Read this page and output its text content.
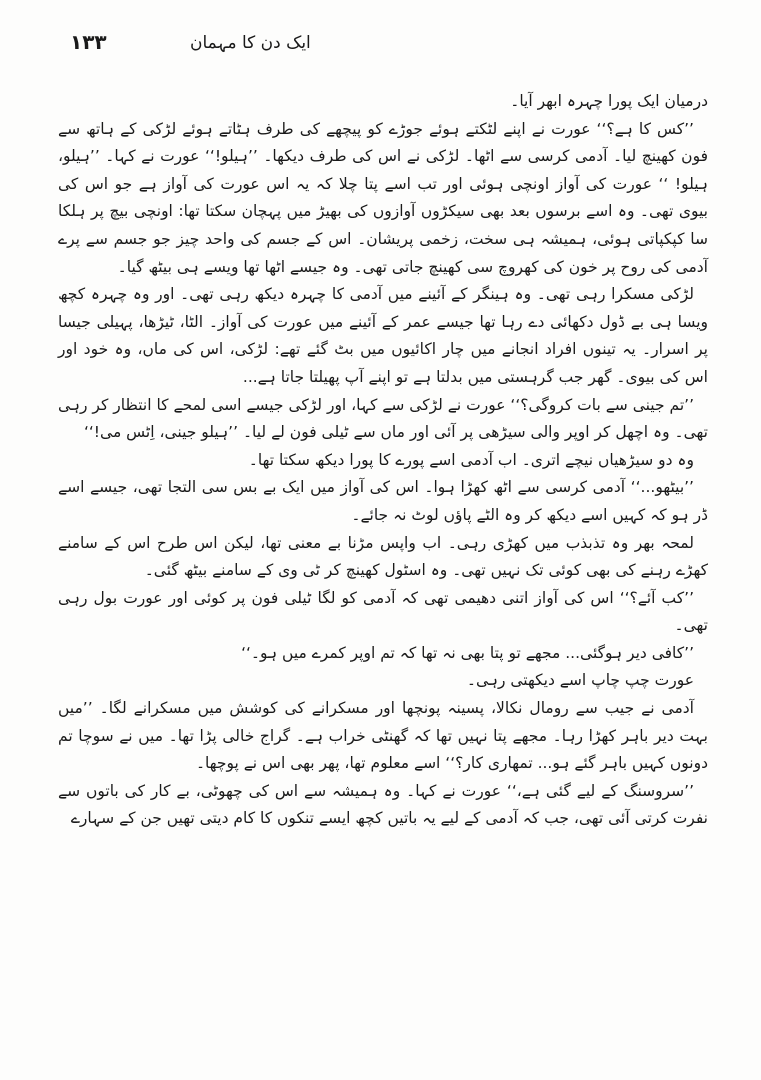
۱۳۳	ایک دن کا مہمان

درمیان ایک پورا چہرہ ابھر آیا۔

’’کس کا ہے؟‘‘ عورت نے اپنے لٹکتے ہوئے جوڑے کو پیچھے کی طرف ہٹاتے ہوئے لڑکی کے ہاتھ سے فون کھینچ لیا۔ آدمی کرسی سے اٹھا۔ لڑکی نے اس کی طرف دیکھا۔ ’’ہیلو!‘‘ عورت نے کہا۔ ’’ہیلو، ہیلو! ‘‘ عورت کی آواز اونچی ہوئی اور تب اسے پتا چلا کہ یہ اس عورت کی آواز ہے جو اس کی بیوی تھی۔ وہ اسے برسوں بعد بھی سیکڑوں آوازوں کی بھیڑ میں پہچان سکتا تھا: اونچی بیچ پر ہلکا سا کپکپاتی ہوئی، ہمیشہ ہی سخت، زخمی پریشان۔ اس کے جسم کی واحد چیز جو جسم سے پرے آدمی کی روح پر خون کی کھروچ سی کھینچ جاتی تھی۔ وہ جیسے اٹھا تھا ویسے ہی بیٹھ گیا۔

لڑکی مسکرا رہی تھی۔ وہ ہینگر کے آئینے میں آدمی کا چہرہ دیکھ رہی تھی۔ اور وہ چہرہ کچھ ویسا ہی بے ڈول دکھائی دے رہا تھا جیسے عمر کے آئینے میں عورت کی آواز۔ الٹا، ٹیڑھا، پہیلی جیسا پر اسرار۔ یہ تینوں افراد انجانے میں چار اکائیوں میں بٹ گئے تھے: لڑکی، اس کی ماں، وہ خود اور اس کی بیوی۔ گھر جب گرہستی میں بدلتا ہے تو اپنے آپ پھیلتا جاتا ہے...

’’تم جینی سے بات کروگی؟‘‘ عورت نے لڑکی سے کہا، اور لڑکی جیسے اسی لمحے کا انتظار کر رہی تھی۔ وہ اچھل کر اوپر والی سیڑھی پر آئی اور ماں سے ٹیلی فون لے لیا۔ ’’ہیلو جینی، اِٹس می!‘‘

وہ دو سیڑھیاں نیچے اتری۔ اب آدمی اسے پورے کا پورا دیکھ سکتا تھا۔

’’بیٹھو...‘‘ آدمی کرسی سے اٹھ کھڑا ہوا۔ اس کی آواز میں ایک بے بس سی التجا تھی، جیسے اسے ڈر ہو کہ کہیں اسے دیکھ کر وہ الٹے پاؤں لوٹ نہ جائے۔

لمحہ بھر وہ تذبذب میں کھڑی رہی۔ اب واپس مڑنا بے معنی تھا، لیکن اس طرح اس کے سامنے کھڑے رہنے کی بھی کوئی تک نہیں تھی۔ وہ اسٹول کھینچ کر ٹی وی کے سامنے بیٹھ گئی۔

’’کب آئے؟‘‘ اس کی آواز اتنی دھیمی تھی کہ آدمی کو لگا ٹیلی فون پر کوئی اور عورت بول رہی تھی۔

’’کافی دیر ہوگئی... مجھے تو پتا بھی نہ تھا کہ تم اوپر کمرے میں ہو۔‘‘

عورت چپ چاپ اسے دیکھتی رہی۔

آدمی نے جیب سے رومال نکالا، پسینہ پونچھا اور مسکرانے کی کوشش میں مسکرانے لگا۔ ’’میں بہت دیر باہر کھڑا رہا۔ مجھے پتا نہیں تھا کہ گھنٹی خراب ہے۔ گراج خالی پڑا تھا۔ میں نے سوچا تم دونوں کہیں باہر گئے ہو... تمھاری کار؟‘‘ اسے معلوم تھا، پھر بھی اس نے پوچھا۔

’’سروسنگ کے لیے گئی ہے،‘‘ عورت نے کہا۔ وہ ہمیشہ سے اس کی چھوٹی، بے کار کی باتوں سے نفرت کرتی آئی تھی، جب کہ آدمی کے لیے یہ باتیں کچھ ایسے تنکوں کا کام دیتی تھیں جن کے سہارے
